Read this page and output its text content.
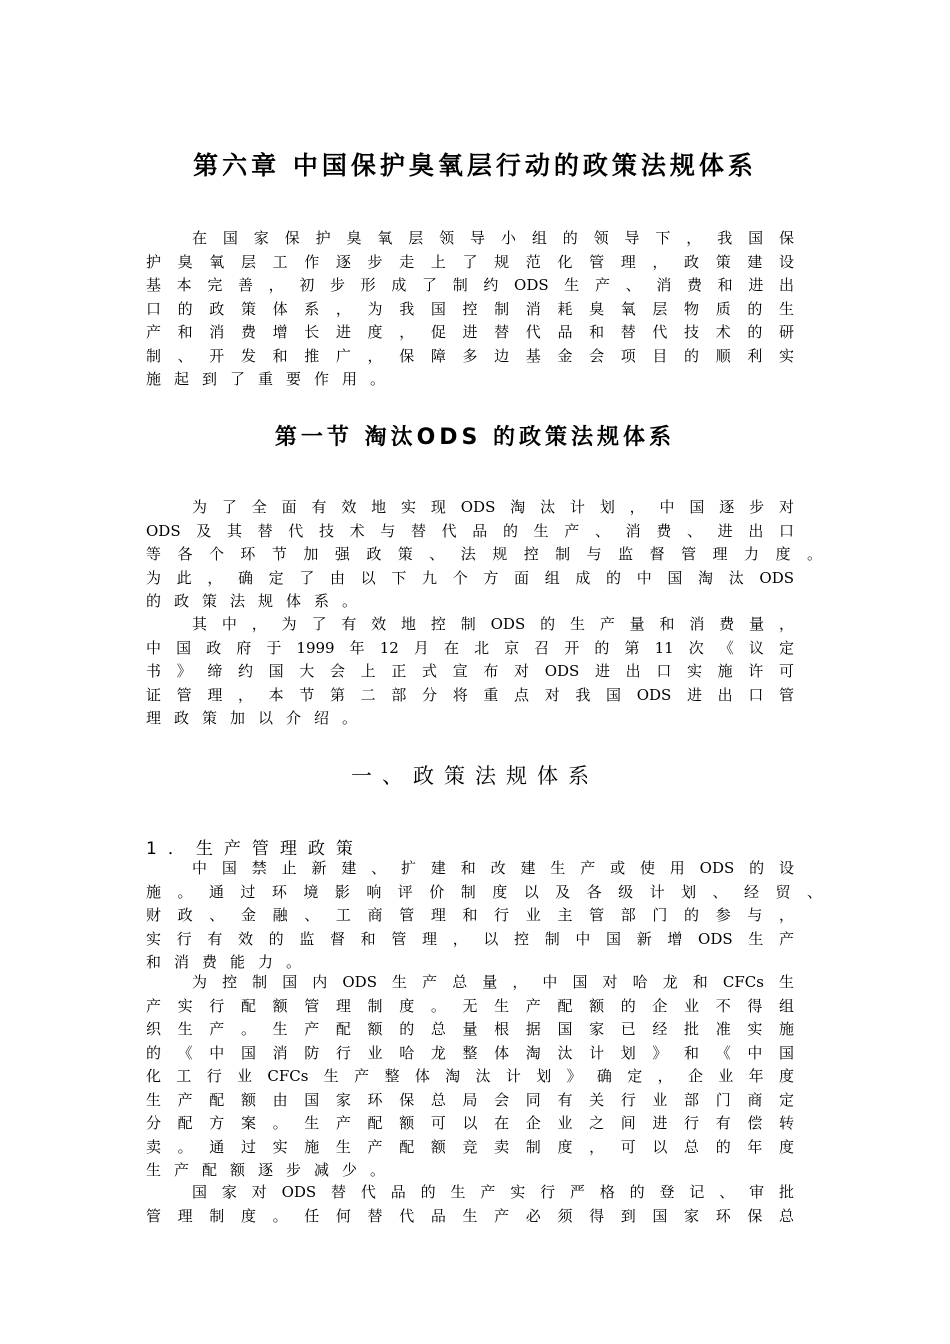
第六章 中国保护臭氧层行动的政策法规体系
在国家保护臭氧层领导小组的领导下，我国保
护臭氧层工作逐步走上了规范化管理，政策建设
基本完善，初步形成了制约ODS生产、消费和进出
口的政策体系，为我国控制消耗臭氧层物质的生
产和消费增长进度，促进替代品和替代技术的研
制、开发和推广，保障多边基金会项目的顺利实
施起到了重要作用。
第一节 淘汰ODS 的政策法规体系
为了全面有效地实现ODS淘汰计划，中国逐步对
ODS及其替代技术与替代品的生产、消费、进出口
等各个环节加强政策、法规控制与监督管理力度。
为此，确定了由以下九个方面组成的中国淘汰ODS
的政策法规体系。
其中，为了有效地控制ODS的生产量和消费量，
中国政府于1999年12月在北京召开的第11次《议定
书》缔约国大会上正式宣布对ODS进出口实施许可
证管理，本节第二部分将重点对我国ODS进出口管
理政策加以介绍。
一、政策法规体系
1．生产管理政策
中国禁止新建、扩建和改建生产或使用ODS的设
施。通过环境影响评价制度以及各级计划、经贸、
财政、金融、工商管理和行业主管部门的参与，
实行有效的监督和管理，以控制中国新增ODS生产
和消费能力。
为控制国内ODS生产总量，中国对哈龙和CFCs生
产实行配额管理制度。无生产配额的企业不得组
织生产。生产配额的总量根据国家已经批准实施
的《中国消防行业哈龙整体淘汰计划》和《中国
化工行业CFCs生产整体淘汰计划》确定，企业年度
生产配额由国家环保总局会同有关行业部门商定
分配方案。生产配额可以在企业之间进行有偿转
卖。通过实施生产配额竞卖制度，可以总的年度
生产配额逐步减少。
国家对ODS替代品的生产实行严格的登记、审批
管理制度。任何替代品生产必须得到国家环保总
